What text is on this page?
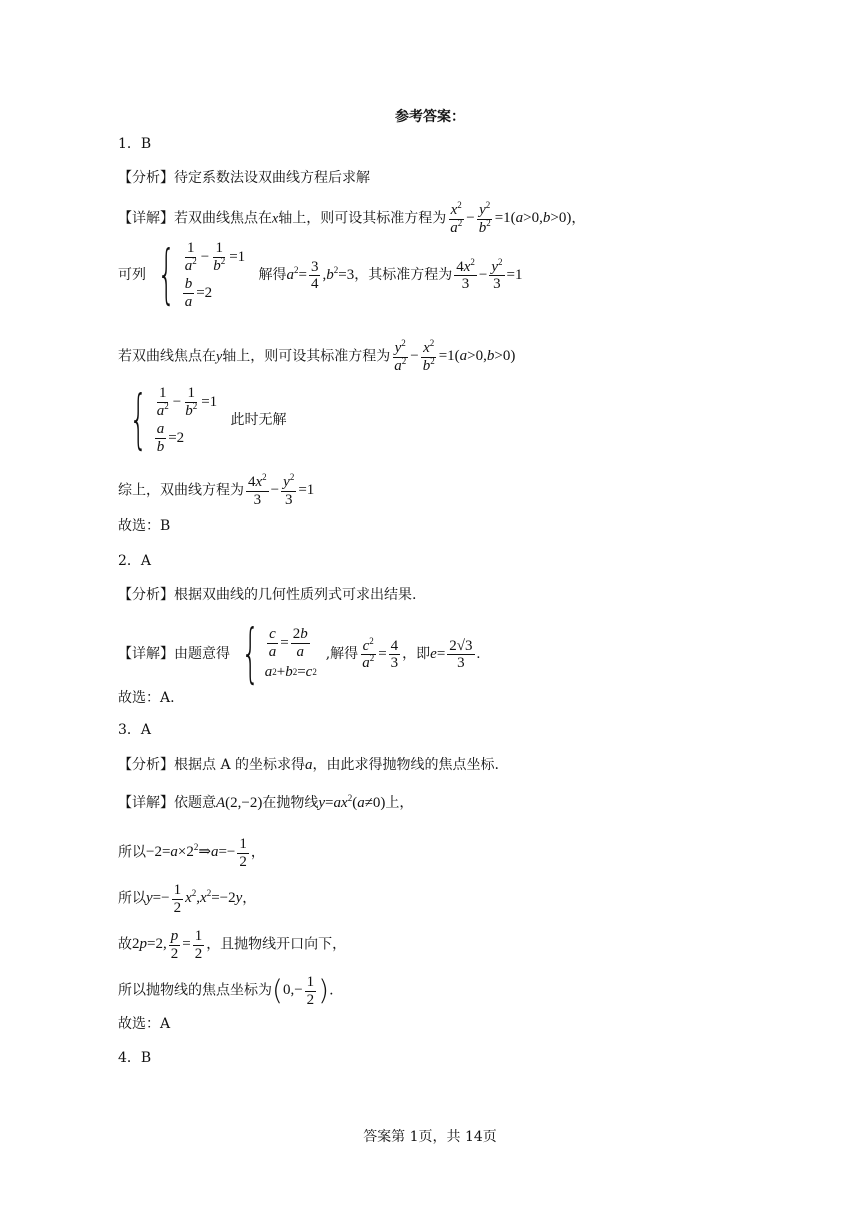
参考答案：
1．B
【分析】待定系数法设双曲线方程后求解
【详解】若双曲线焦点在x轴上，则可设其标准方程为 $\frac{x^2}{a^2} - \frac{y^2}{b^2} =1(a>0,b>0)$，
可列 { $\frac{1}{a^2} - \frac{1}{b^2} =1$
$\frac{b}{a} =2$
解得$a^2= \frac{3}{4} ,b^2=3$，其标准方程为 $\frac{4x^2}{3} - \frac{y^2}{3} =1$
若双曲线焦点在y轴上，则可设其标准方程为 $\frac{y^2}{a^2} - \frac{x^2}{b^2} =1(a>0,b>0)$
{ $\frac{1}{a^2} - \frac{1}{b^2} =1$
$\frac{a}{b} =2$
此时无解
综上，双曲线方程为 $\frac{4x^2}{3} - \frac{y^2}{3} =1$
故选：B
2．A
【分析】根据双曲线的几何性质列式可求出结果.
【详解】由题意得 { $\frac{c}{a} = \frac{2b}{a}$
a 2 + b 2 = c 2
,解得 $\frac{c^2}{a^2} = \frac{4}{3}$ ，即$e= \frac{2√3}{3}$ .
故选：A.
3．A
【分析】根据点 A 的坐标求得a，由此求得抛物线的焦点坐标.
【详解】依题意A(2,−2)在抛物线$y=ax^2(a\ne 0)$上，
所以$-2=a\times 2^2\Rightarrow a=- \frac{1}{2}$ ，
所以$y=- \frac{1}{2} x^2,x^2=-2y$，
故2p=2, $\frac{p}{2} = \frac{1}{2}$ ，且抛物线开口向下，
所以抛物线的焦点坐标为($0,- \frac{1}{2}$ ).
故选：A
4．B
答案第 1页，共 14页
